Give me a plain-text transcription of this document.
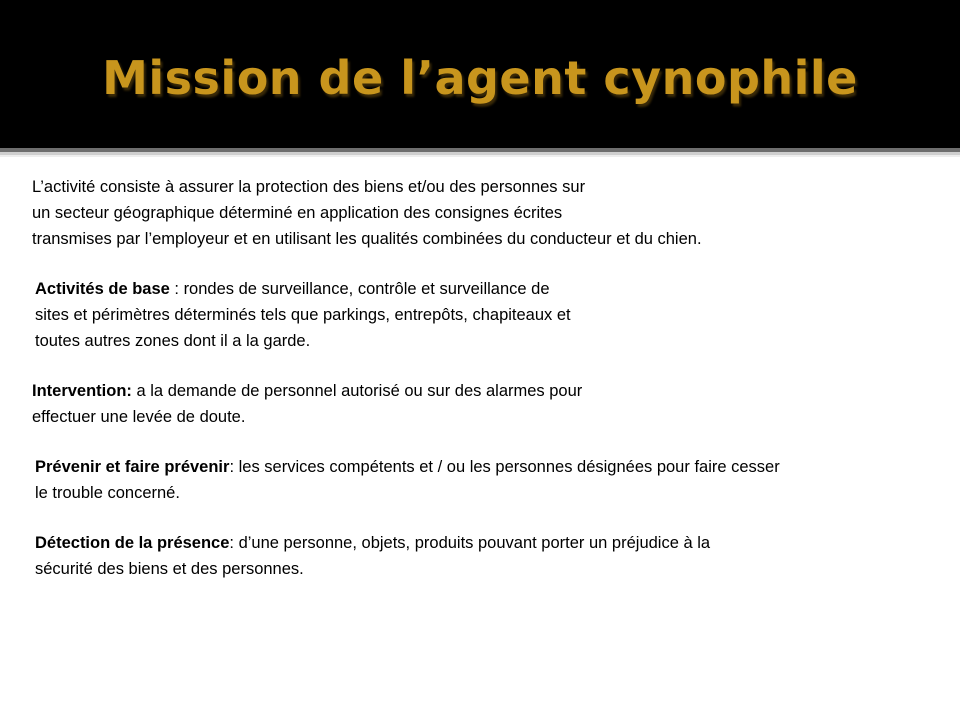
Mission de l’agent cynophile

L’activité consiste à assurer la protection des biens et/ou des personnes sur
un secteur géographique déterminé en application des consignes écrites
transmises par l’employeur et en utilisant les qualités combinées du conducteur et du chien.

Activités de base : rondes de surveillance, contrôle et surveillance de
sites et périmètres déterminés tels que parkings, entrepôts, chapiteaux et
toutes autres zones dont il a la garde.

Intervention: a la demande de personnel autorisé ou sur des alarmes pour
effectuer une levée de doute.

Prévenir et faire prévenir: les services compétents et / ou les personnes désignées pour faire cesser
le trouble concerné.

Détection de la présence: d’une personne, objets, produits pouvant porter un préjudice à la
sécurité des biens et des personnes.
